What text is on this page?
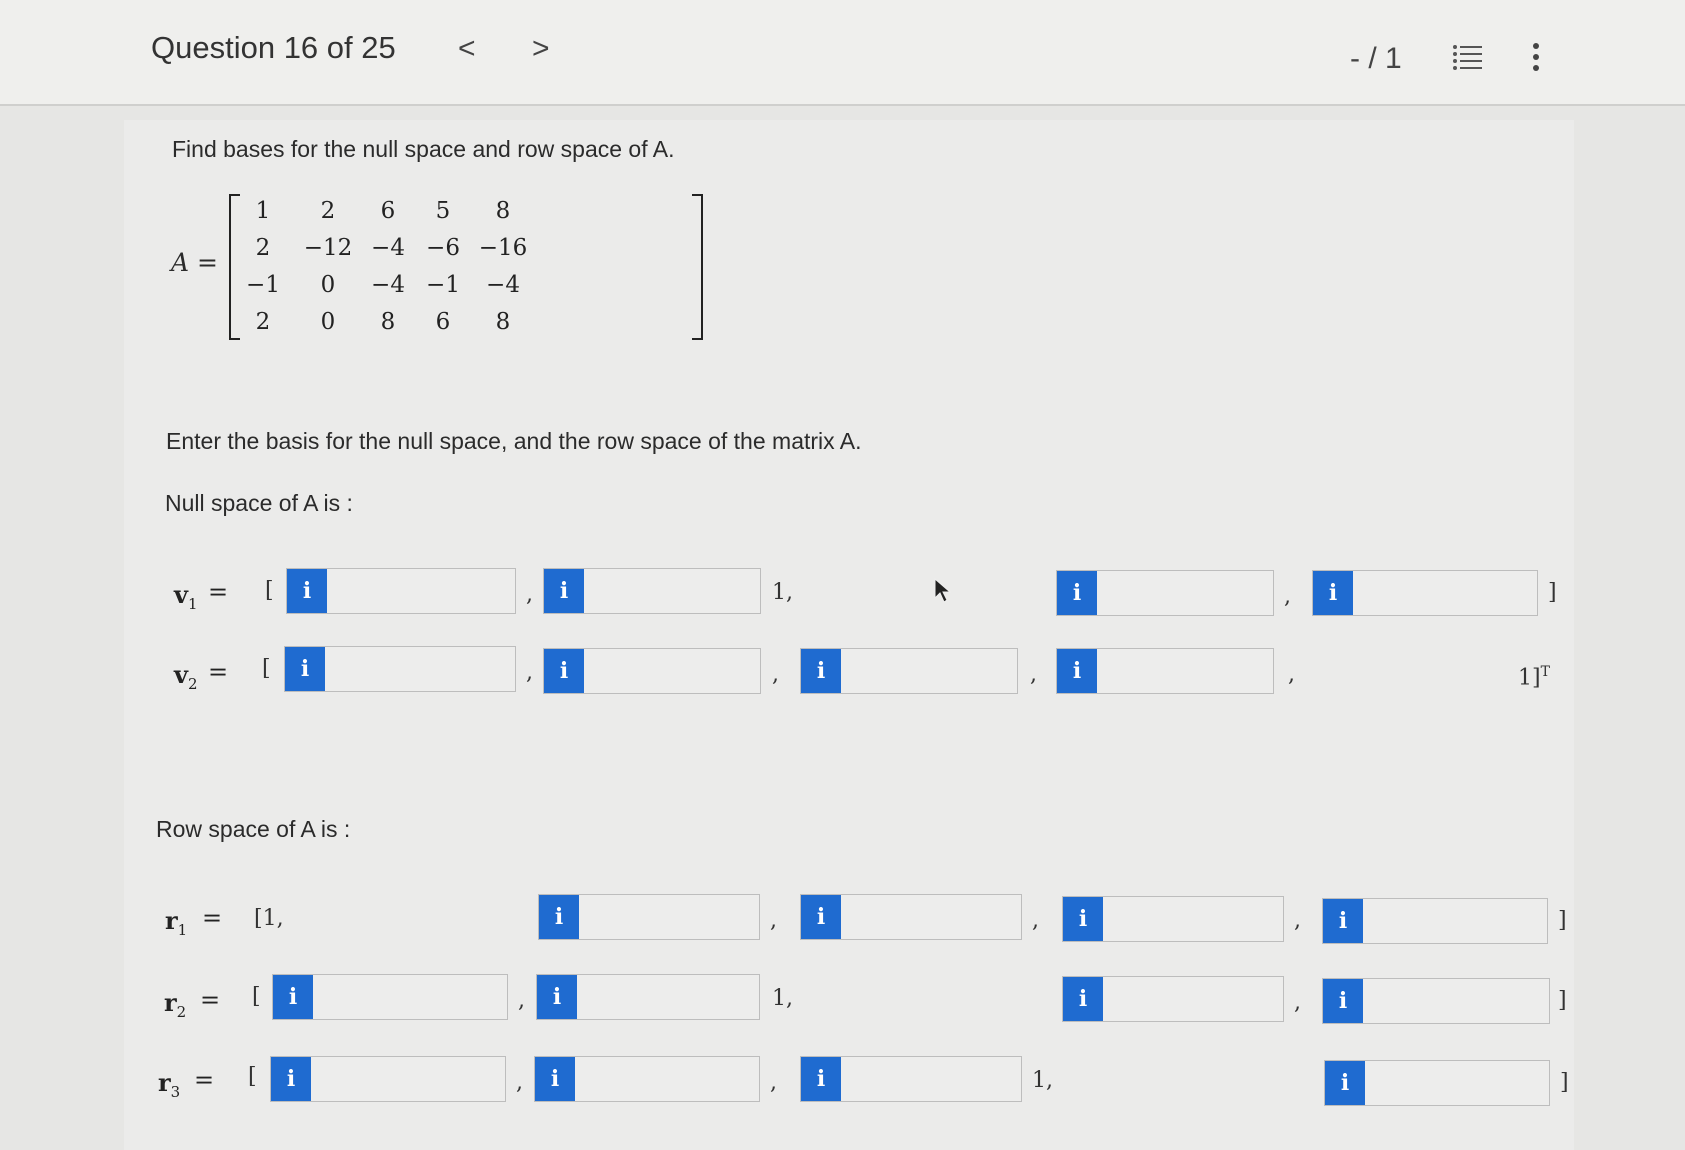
Question 16 of 25 < >	- / 1
Find bases for the null space and row space of A.
A =
1	2	6	5	8
2	−12 −4 −6 −16
−1	0	−4 −1	−4
2	0	8	6	8
Enter the basis for the null space, and the row space of the matrix A.
Null space of A is :
$v_1$ = [	i	,	i	1,	i	,	i	]
$v_2$ = [	i	,	i	,	i	,	i	,	1]$^T$
Row space of A is :
$r_1 = [1$,	i	,	i	,	i	,	i	]
$r_2$ = [	i	,	i	1,	i	,	i	]
$r_3$ = [	i	,	i	,	i	1,	i	]
